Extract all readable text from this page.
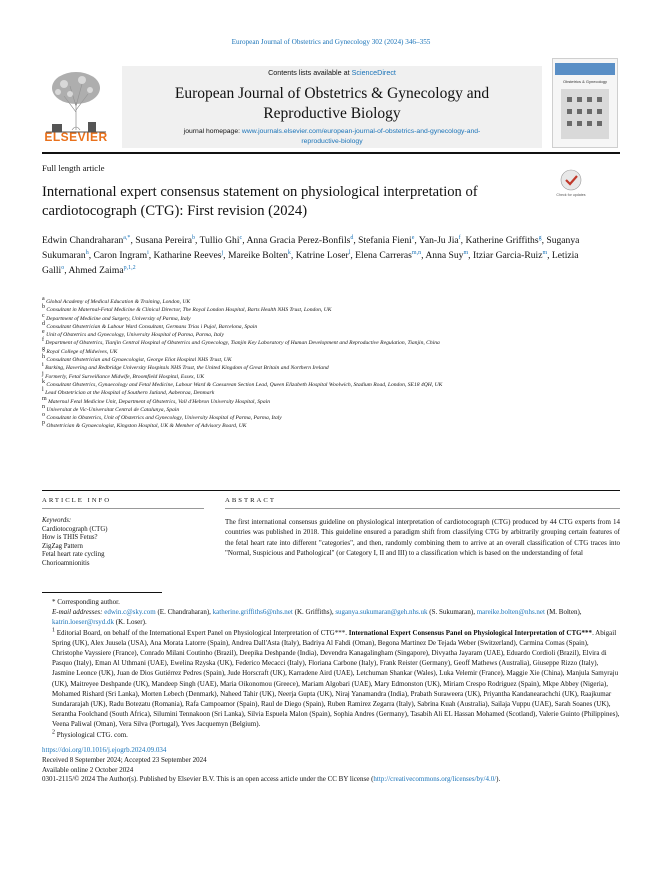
European Journal of Obstetrics and Gynecology 302 (2024) 346–355
ELSEVIER
Contents lists available at ScienceDirect
European Journal of Obstetrics & Gynecology and
Reproductive Biology
journal homepage: www.journals.elsevier.com/european-journal-of-obstetrics-and-gynecology-and-
reproductive-biology
Obstetrics & Gynecology
Full length article
International expert consensus statement on physiological interpretation of cardiotocograph (CTG): First revision (2024)
Check for updates
Edwin Chandraharan$^{a,*}$, Susana Pereira$^b$, Tullio Ghi$^c$, Anna Gracia Perez-Bonfils$^d$, Stefania Fieni$^e$, Yan-Ju Jia$^f$, Katherine Griffiths$^g$, Suganya Sukumaran$^h$, Caron Ingram$^i$, Katharine Reeves$^j$, Mareike Bolten$^k$, Katrine Loser$^l$, Elena Carreras$^{m,n}$, Anna Suy$^m$, Itziar Garcia-Ruiz$^m$, Letizia Galli$^o$, Ahmed Zaima$^{p,1,2}$

$^a$ Global Academy of Medical Education & Training, London, UK

$^b$ Consultant in Maternal-Fetal Medicine & Clinical Director, The Royal London Hospital, Barts Health NHS Trust, London, UK

$^c$ Department of Medicine and Surgery, University of Parma, Italy

$^d$ Consultant Obstetrician & Labour Ward Consultant, Germans Trias i Pujol, Barcelona, Spain

$^e$ Unit of Obstetrics and Gynecology, University Hospital of Parma, Parma, Italy

$^f$ Department of Obstetrics, Tianjin Central Hospital of Obstetrics and Gynecology, Tianjin Key Laboratory of Human Development and Reproductive Regulation, Tianjin, China

$^g$ Royal College of Midwives, UK

$^h$ Consultant Obstetrician and Gynaecologist, George Eliot Hospital NHS Trust, UK

$^i$ Barking, Havering and Redbridge University Hospitals NHS Trust, the United Kingdom of Great Britain and Northern Ireland

$^j$ Formerly, Fetal Surveillance Midwife, Broomfield Hospital, Essex, UK

$^k$ Consultant Obstetrics, Gynaecology and Fetal Medicine, Labour Ward & Caesarean Section Lead, Queen Elizabeth Hospital Woolwich, Stadium Road, London, SE18 4QH, UK

$^l$ Lead Obstetrician at the Hospital of Southern Jutland, Aabenraa, Denmark

$^m$ Maternal Fetal Medicine Unit, Department of Obstetrics, Vall d'Hebron University Hospital, Spain

$^n$ Universitat de Vic-Universitat Central de Catalunya, Spain

$^o$ Consultant in Obstetrics, Unit of Obstetrics and Gynecology, University Hospital of Parma, Parma, Italy

$^p$ Obstetrician & Gynaecologist, Kingston Hospital, UK & Member of Advisory Board, UK

ARTICLE INFO	ABSTRACT
Keywords:
Cardiotocograph (CTG)
How is THIS Fetus?
ZigZag Pattern
Fetal heart rate cycling
Chorioamnionitis
The first international consensus guideline on physiological interpretation of cardiotocograph (CTG) produced by 44 CTG experts from 14 countries was published in 2018. This guideline ensured a paradigm shift from classifying CTG by arbitrarily grouping certain features of the fetal heart rate into different "categories", and then, randomly combining them to arrive at an overall classification of CTG traces into "Normal, Suspicious and Pathological" (or Category I, II and III) to a classification which is based on the understanding of fetal

* Corresponding author.

E-mail addresses: edwin.c@sky.com (E. Chandraharan), katherine.griffiths6@nhs.net (K. Griffiths), suganya.sukumaran@geh.nhs.uk (S. Sukumaran), mareike.bolten@nhs.net (M. Bolten), katrin.loeser@rsyd.dk (K. Loser).

$^1$ Editorial Board, on behalf of the International Expert Panel on Physiological Interpretation of CTG***. International Expert Consensus Panel on Physiological Interpretation of CTG***. Abigail Spring (UK), Alex Juusela (USA), Ana Morata Latorre (Spain), Andrea Dall'Asta (Italy), Badriya Al Fahdi (Oman), Begona Martinez De Tejada Weber (Switzerland), Carmina Comas (Spain), Christophe Vayssiere (France), Conrado Milani Coutinho (Brazil), Deepika Deshpande (India), Devendra Kanagalingham (Singapore), Divyatha Jayaram (UAE), Eduardo Cordioli (Brazil), Elvira di Pasquo (Italy), Eman Al Uthmani (UAE), Ewelina Rzyska (UK), Federico Mecacci (Italy), Floriana Carbone (Italy), Frank Reister (Germany), Geoff Mathews (Australia), Giuseppe Rizzo (Italy), Jasmine Leonce (UK), Juan de Dios Gutiérrez Pedres (Spain), Jude Horscraft (UK), Karradene Aird (UAE), Letchuman Shankar (Wales), Luka Velemir (France), Maggie Xie (China), Manjula Samyraju (UK), Maitreyee Deshpande (UK), Mandeep Singh (UAE), Maria Oikonomou (Greece), Mariam Algobari (UAE), Mary Edmonston (UK), Miriam Crespo Rodriguez (Spain), Mkpe Abbey (Nigeria), Mohamed Rishard (Sri Lanka), Morten Lebech (Denmark), Naheed Tahir (UK), Neerja Gupta (UK), Niraj Yanamandra (India), Prabath Suraweera (UK), Priyantha Kandanearachchi (UK), Raajkumar Sundararajah (UK), Radu Botezatu (Romania), Rafa Campoamor (Spain), Raul de Diego (Spain), Ruben Ramirez Zegarra (Italy), Sabrina Kuah (Australia), Sailaja Vuppu (UAE), Sarah Soanes (UK), Serantha Foolchand (South Africa), Silumini Tennakoon (Sri Lanka), Silvia Espuela Malon (Spain), Sophia Andres (Germany), Tasabih Ali EL Hassan Mohamed (Scotland), Valerie Guinto (Philippines), Veena Paliwal (Oman), Vera Silva (Portugal), Yves Jacquemyn (Belgium).

$^2$ Physiological CTG. com.

https://doi.org/10.1016/j.ejogrb.2024.09.034

Received 8 September 2024; Accepted 23 September 2024

Available online 2 October 2024

0301-2115/© 2024 The Author(s). Published by Elsevier B.V. This is an open access article under the CC BY license (http://creativecommons.org/licenses/by/4.0/).
